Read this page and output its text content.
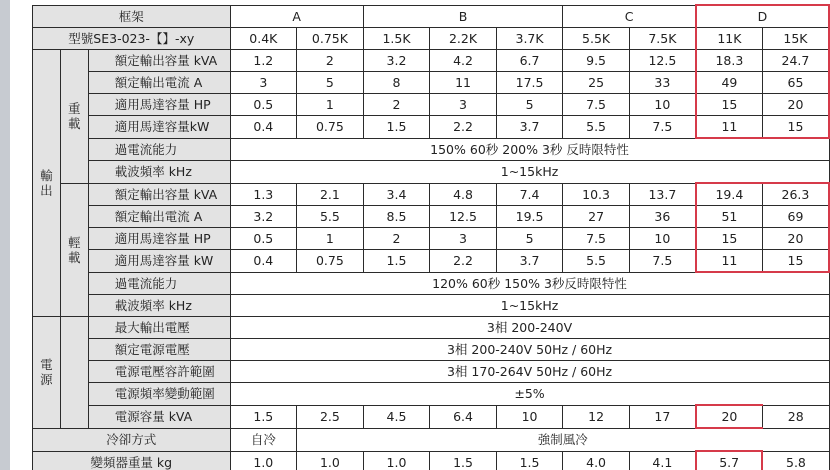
框架			A		B			C		D	
型號SE3-023-【】-xy			0.4K	0.75K	1.5K	2.2K	3.7K	5.5K	7.5K	11K	15K

輸
出	重
載	額定輸出容量 kVA	1.2	2	3.2	4.2	6.7	9.5	12.5	18.3	24.7
		額定輸出電流 A	3	5	8	11	17.5	25	33	49	65
		適用馬達容量 HP	0.5	1	2	3	5	7.5	10	15	20
		適用馬達容量kW	0.4	0.75	1.5	2.2	3.7	5.5	7.5	11	15
		過電流能力	150% 60秒 200% 3秒 反時限特性								
		載波頻率 kHz	1~15kHz								

	輕
載	額定輸出容量 kVA	1.3	2.1	3.4	4.8	7.4	10.3	13.7	19.4	26.3
		額定輸出電流 A	3.2	5.5	8.5	12.5	19.5	27	36	51	69
		適用馬達容量 HP	0.5	1	2	3	5	7.5	10	15	20
		適用馬達容量 kW	0.4	0.75	1.5	2.2	3.7	5.5	7.5	11	15
		過電流能力	120% 60秒 150% 3秒反時限特性								
		載波頻率 kHz	1~15kHz								

電
源		最大輸出電壓	3相 200-240V								
		額定電源電壓	3相 200-240V 50Hz / 60Hz								
		電源電壓容許範圍	3相 170-264V 50Hz / 60Hz								
		電源頻率變動範圍	±5%								
		電源容量 kVA	1.5	2.5	4.5	6.4	10	12	17	20	28
冷卻方式			自冷	強制風冷							
變頻器重量 kg			1.0	1.0	1.0	1.5	1.5	4.0	4.1	5.7	5.8
